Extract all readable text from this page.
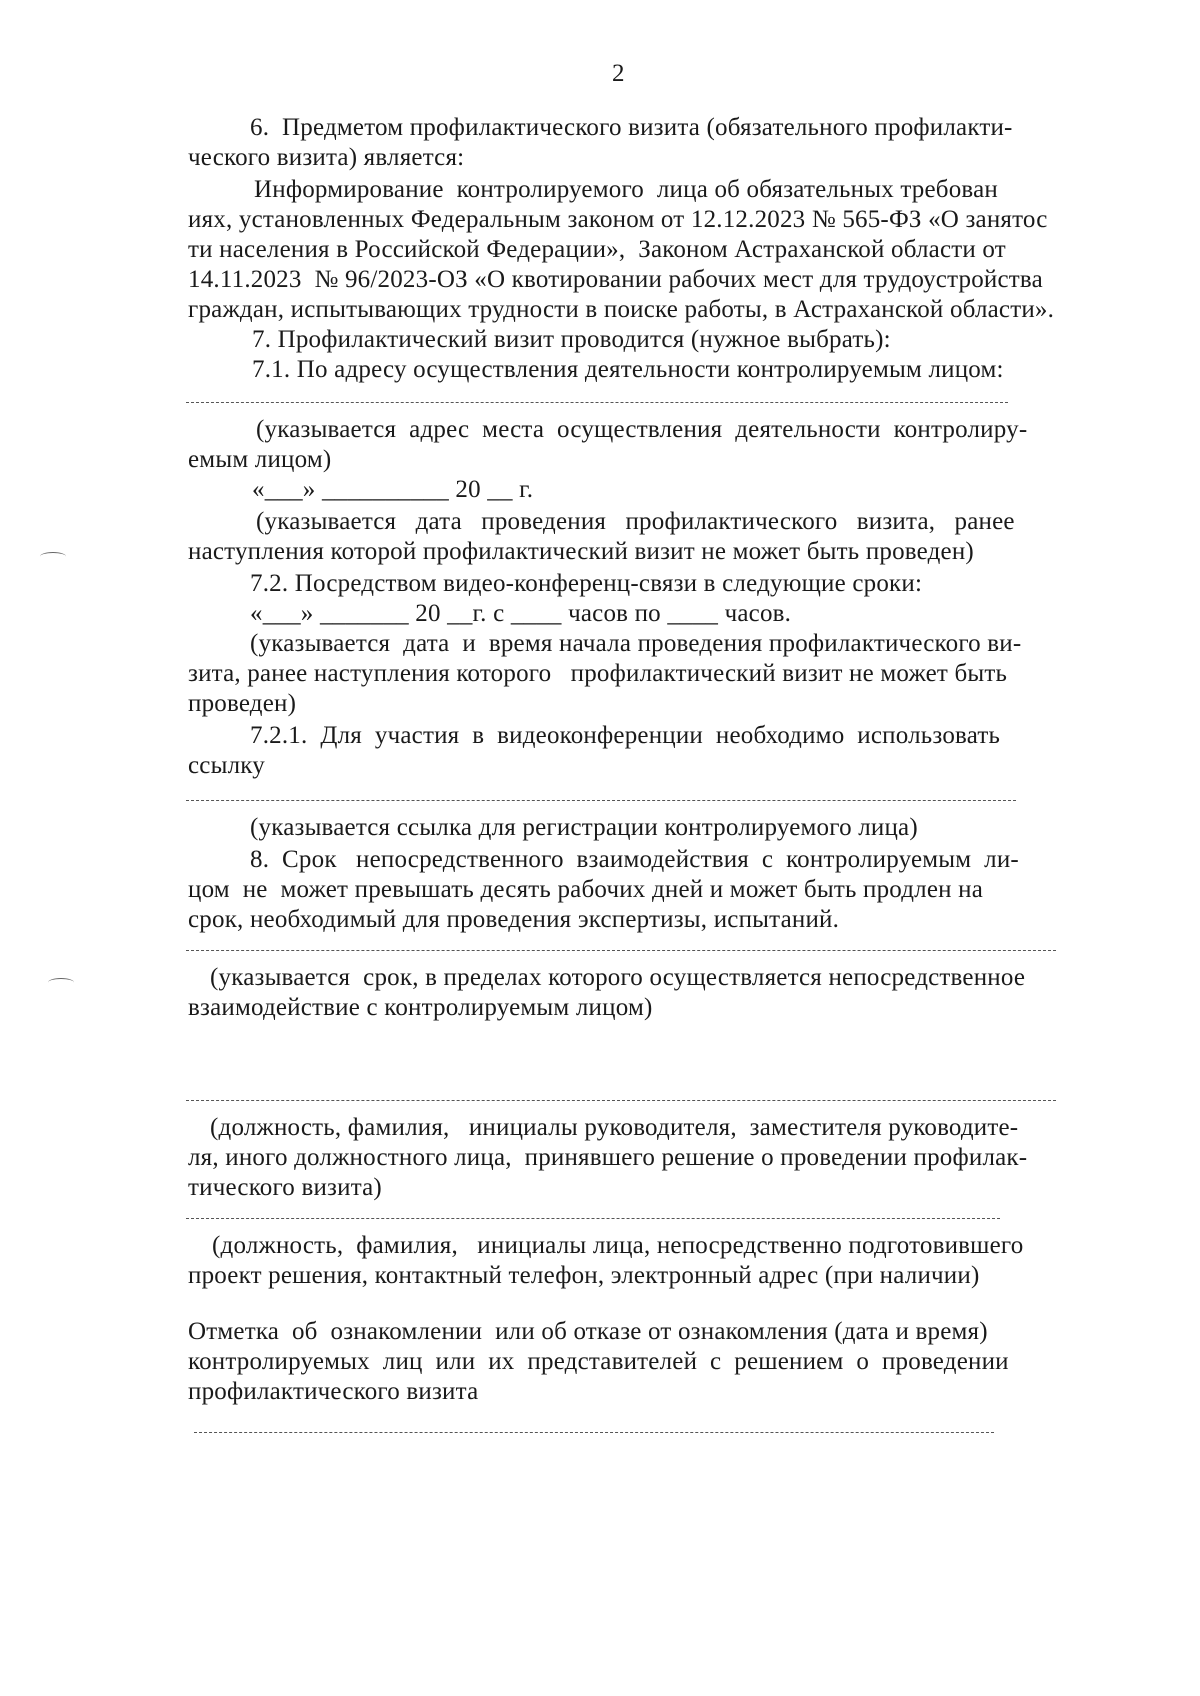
2
6.  Предметом профилактического визита (обязательного профилакти-
ческого визита) является:
Информирование  контролируемого  лица об обязательных требован
иях, установленных Федеральным законом от 12.12.2023 № 565-ФЗ «О занятос
ти населения в Российской Федерации»,  Законом Астраханской области от
14.11.2023  № 96/2023-ОЗ «О квотировании рабочих мест для трудоустройства
граждан, испытывающих трудности в поиске работы, в Астраханской области».
7. Профилактический визит проводится (нужное выбрать):
7.1. По адресу осуществления деятельности контролируемым лицом:
(указывается  адрес  места  осуществления  деятельности  контролиру-
емым лицом)
«___» __________ 20 __ г.
(указывается   дата   проведения   профилактического   визита,   ранее
наступления которой профилактический визит не может быть проведен)
7.2. Посредством видео-конференц-связи в следующие сроки:
«___» _______ 20 __г. с ____ часов по ____ часов.
(указывается  дата  и  время начала проведения профилактического ви-
зита, ранее наступления которого   профилактический визит не может быть
проведен)
7.2.1.  Для  участия  в  видеоконференции  необходимо  использовать
ссылку
(указывается ссылка для регистрации контролируемого лица)
8.  Срок   непосредственного  взаимодействия  с  контролируемым  ли-
цом  не  может превышать десять рабочих дней и может быть продлен на
срок, необходимый для проведения экспертизы, испытаний.
(указывается  срок, в пределах которого осуществляется непосредственное
взаимодействие с контролируемым лицом)
(должность, фамилия,   инициалы руководителя,  заместителя руководите-
ля, иного должностного лица,  принявшего решение о проведении профилак-
тического визита)
(должность,  фамилия,   инициалы лица, непосредственно подготовившего
проект решения, контактный телефон, электронный адрес (при наличии)
Отметка  об  ознакомлении  или об отказе от ознакомления (дата и время)
контролируемых  лиц  или  их  представителей  с  решением  о  проведении
профилактического визита
